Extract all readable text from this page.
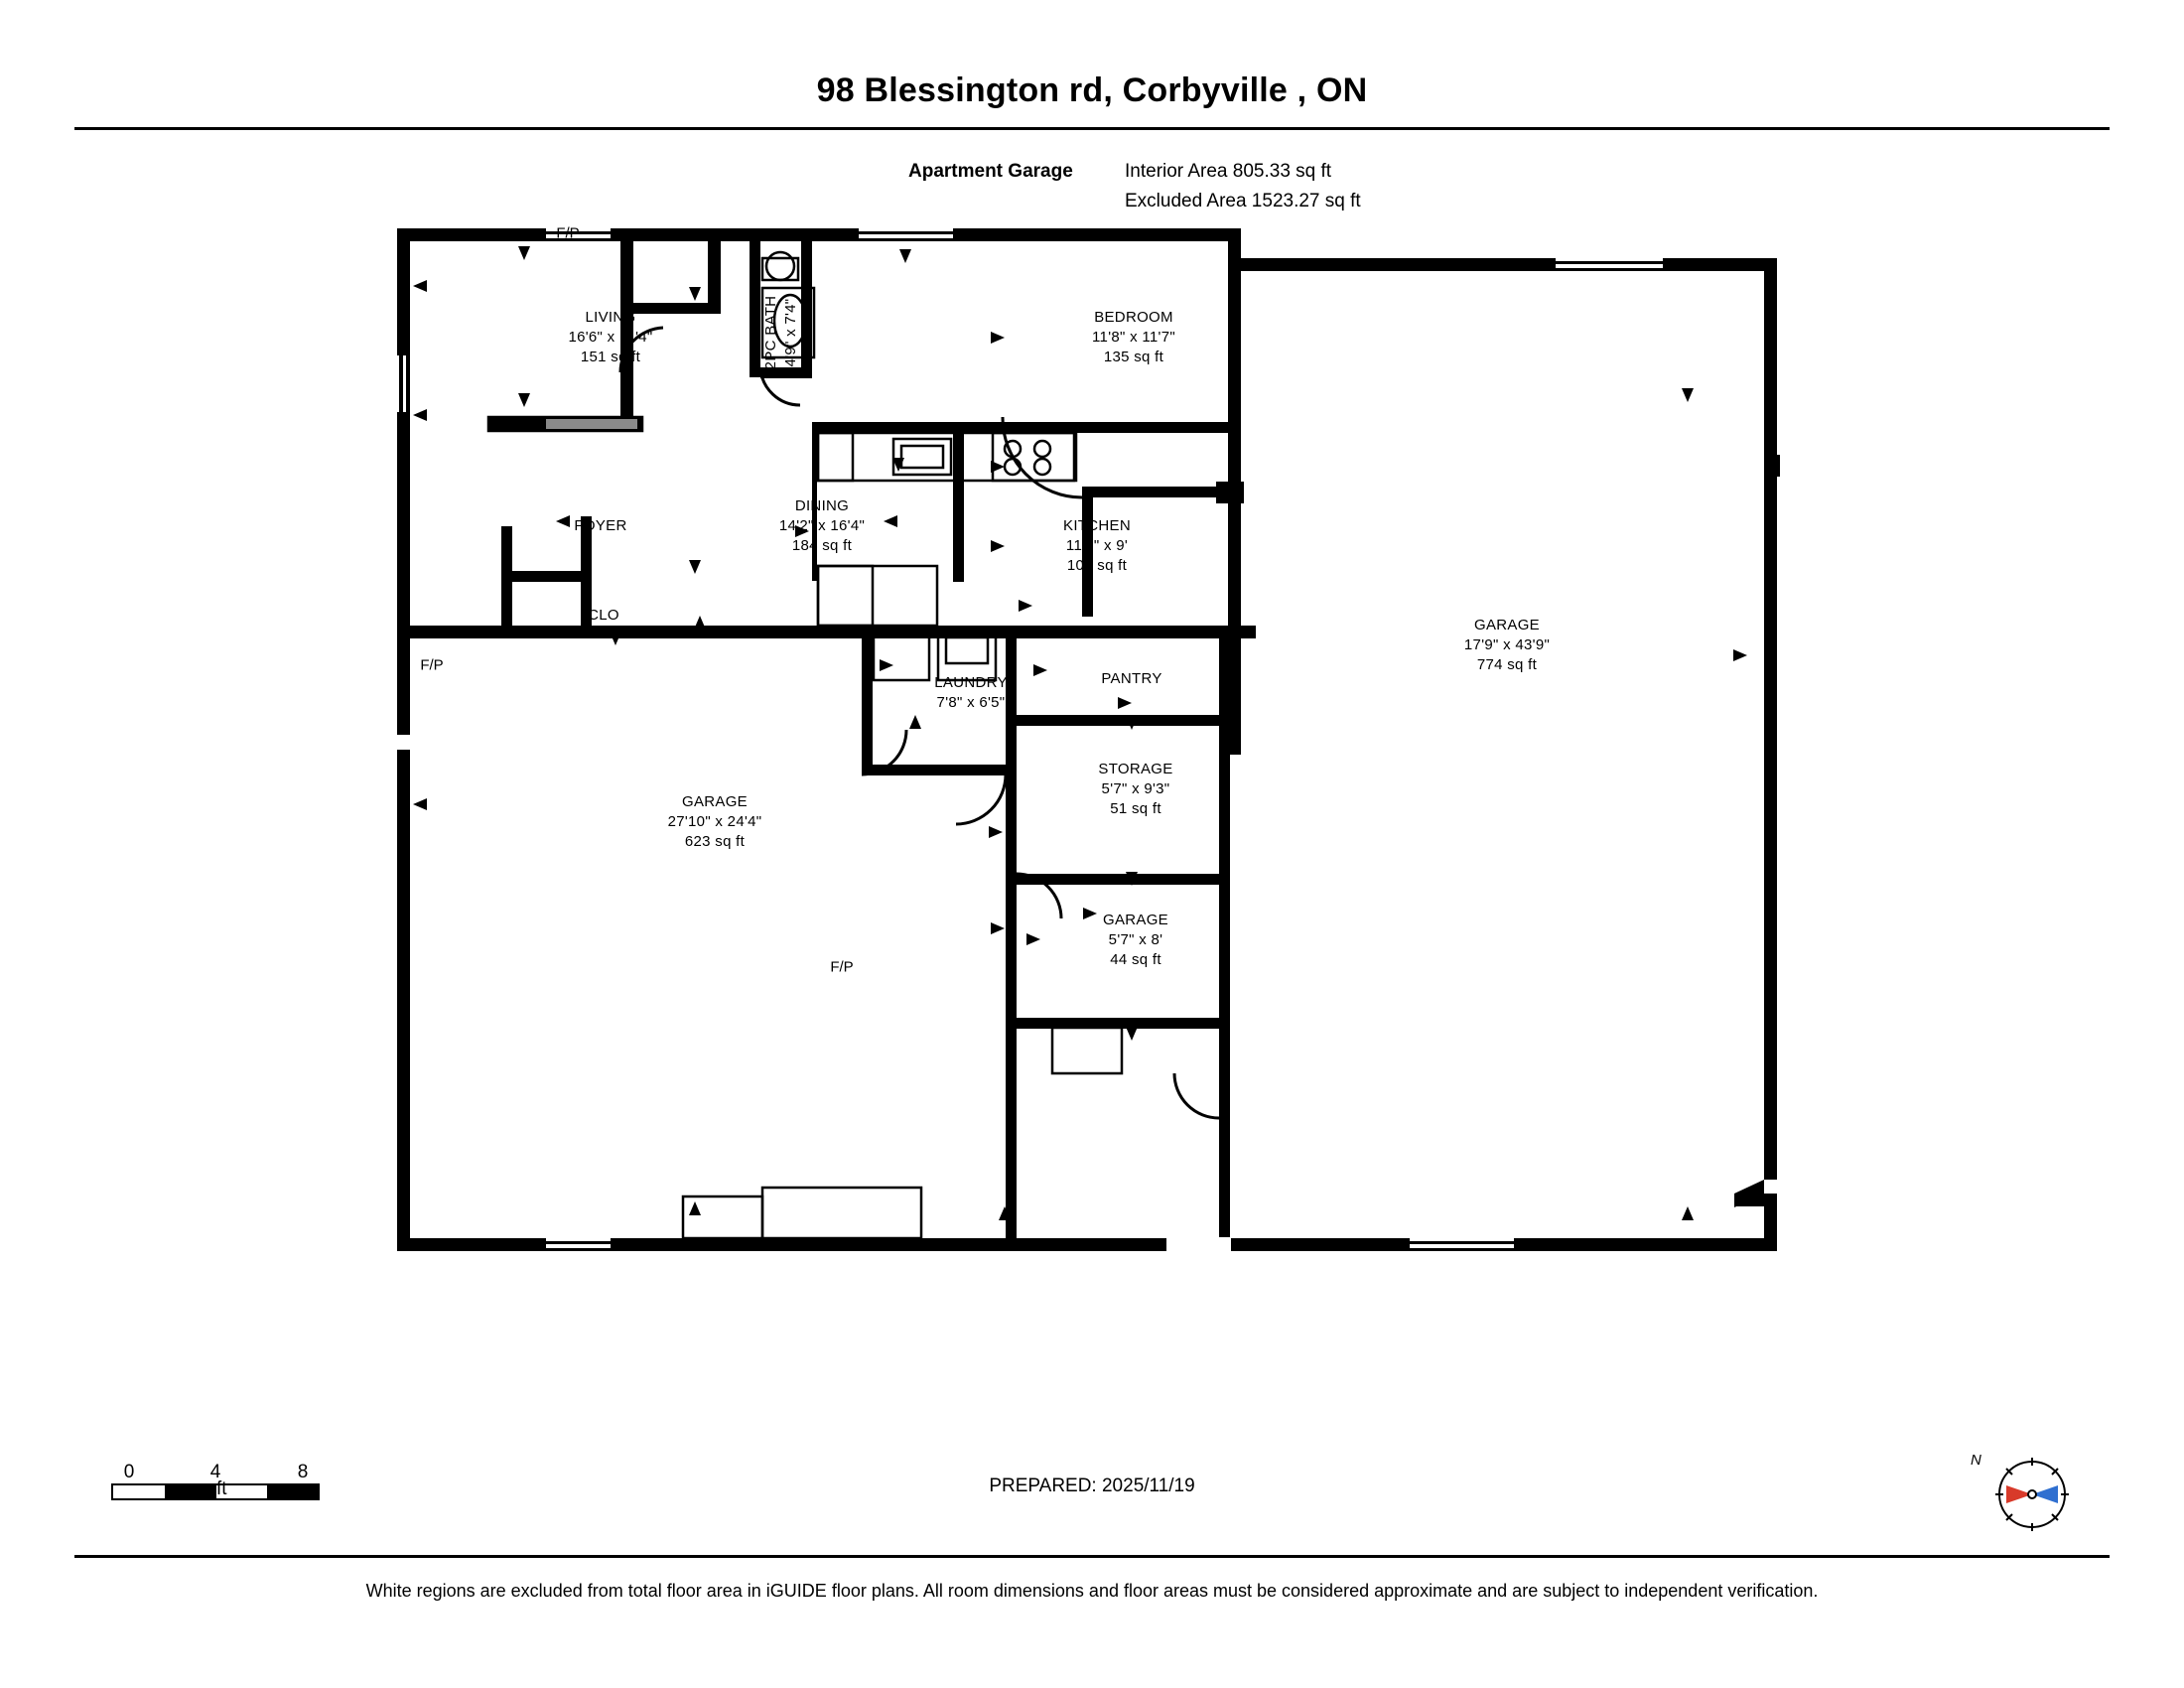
98 Blessington rd, Corbyville , ON
Apartment Garage	Interior Area 805.33 sq ft
Excluded Area 1523.27 sq ft
LIVING
16'6" x 11'4"
151 sq ft	2PC BATH 4'9" x 7'4"	BEDROOM
11'8" x 11'7"
135 sq ft
FOYER
DINING
14'2" x 16'4"
184 sq ft
KITCHEN
11'9" x 9'
106 sq ft
CLO
GARAGE
17'9" x 43'9"
774 sq ft
LAUNDRY
7'8" x 6'5"
PANTRY
GARAGE
27'10" x 24'4"
623 sq ft
STORAGE
5'7" x 9'3"
51 sq ft
GARAGE
5'7" x 8'
44 sq ft
F/P
F/P
F/P
0	4	8
ft	PREPARED: 2025/11/19
N
White regions are excluded from total floor area in iGUIDE floor plans. All room dimensions and floor areas must be considered approximate and are subject to independent verification.
